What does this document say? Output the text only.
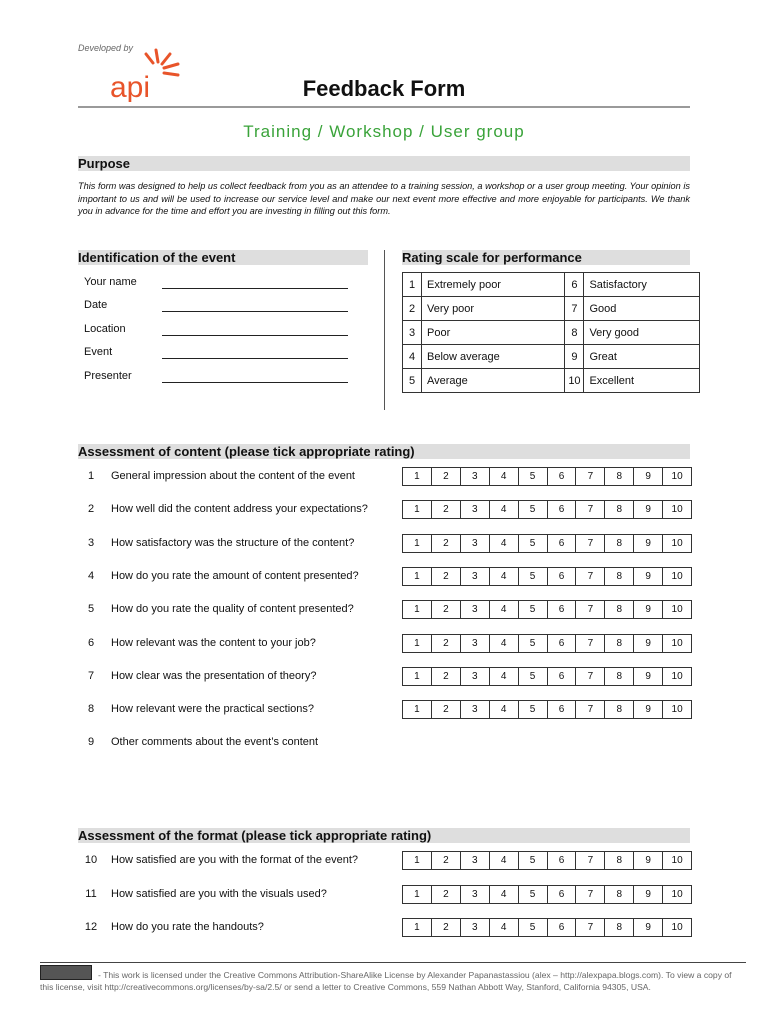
Developed by
api	Feedback Form
Training / Workshop / User group
Purpose
This form was designed to help us collect feedback from you as an attendee to a training session, a workshop or a user group meeting. Your opinion is important to us and will be used to increase our service level and make our next event more effective and more enjoyable for participants. We thank you in advance for the time and effort you are investing in filling out this form.
Identification of the event
Your name
Date
Location
Event
Presenter
Rating scale for performance
1	Extremely poor	6	Satisfactory
2	Very poor	7	Good
3	Poor	8	Very good
4	Below average	9	Great
5	Average	10	Excellent
Assessment of content (please tick appropriate rating)
1	General impression about the content of the event	1	2	3	4	5	6	7	8	9	10
2	How well did the content address your expectations?	1	2	3	4	5	6	7	8	9	10
3	How satisfactory was the structure of the content?	1	2	3	4	5	6	7	8	9	10
4	How do you rate the amount of content presented?	1	2	3	4	5	6	7	8	9	10
5	How do you rate the quality of content presented?	1	2	3	4	5	6	7	8	9	10
6	How relevant was the content to your job?	1	2	3	4	5	6	7	8	9	10
7	How clear was the presentation of theory?	1	2	3	4	5	6	7	8	9	10
8	How relevant were the practical sections?	1	2	3	4	5	6	7	8	9	10
9	Other comments about the event’s content
Assessment of the format (please tick appropriate rating)
10 How satisfied are you with the format of the event?	1	2	3	4	5	6	7	8	9	10
11 How satisfied are you with the visuals used?	1	2	3	4	5	6	7	8	9	10
12 How do you rate the handouts?	1	2	3	4	5	6	7	8	9	10
- This work is licensed under the Creative Commons Attribution-ShareAlike License by Alexander Papanastassiou (alex – http://alexpapa.blogs.com). To view a copy of this license, visit http://creativecommons.org/licenses/by-sa/2.5/ or send a letter to Creative Commons, 559 Nathan Abbott Way, Stanford, California 94305, USA.
